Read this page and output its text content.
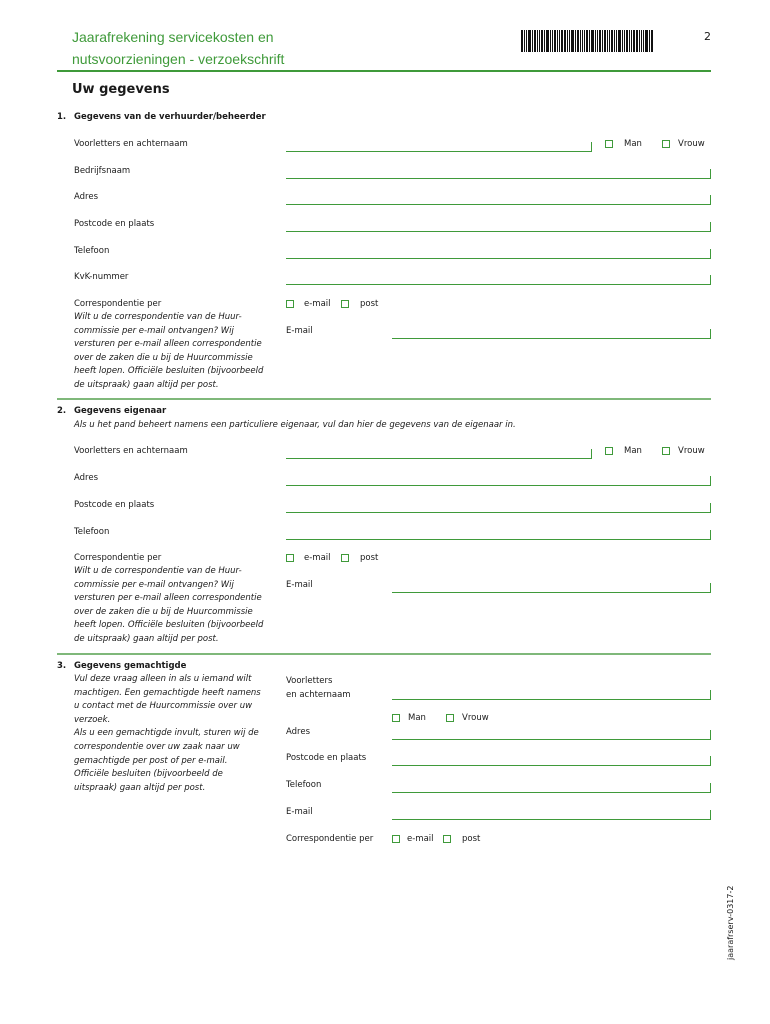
Jaarafrekening servicekosten en
nutsvoorzieningen - verzoekschrift
2
Uw gegevens
1. Gegevens van de verhuurder/beheerder
Voorletters en achternaam	Man	Vrouw
Bedrijfsnaam
Adres
Postcode en plaats
Telefoon
KvK-nummer
Correspondentie per
Wilt u de correspondentie van de Huur-
commissie per e-mail ontvangen? Wij
versturen per e-mail alleen correspondentie
over de zaken die u bij de Huurcommissie
heeft lopen. Officiële besluiten (bijvoorbeeld
de uitspraak) gaan altijd per post.
e-mail	post
E-mail
2. Gegevens eigenaar
Als u het pand beheert namens een particuliere eigenaar, vul dan hier de gegevens van de eigenaar in.
Voorletters en achternaam	Man	Vrouw
Adres
Postcode en plaats
Telefoon
Correspondentie per
Wilt u de correspondentie van de Huur-
commissie per e-mail ontvangen? Wij
versturen per e-mail alleen correspondentie
over de zaken die u bij de Huurcommissie
heeft lopen. Officiële besluiten (bijvoorbeeld
de uitspraak) gaan altijd per post.
e-mail	post
E-mail
3. Gegevens gemachtigde
Vul deze vraag alleen in als u iemand wilt
machtigen. Een gemachtigde heeft namens
u contact met de Huurcommissie over uw
verzoek.
Als u een gemachtigde invult, sturen wij de
correspondentie over uw zaak naar uw
gemachtigde per post of per e-mail.
Officiële besluiten (bijvoorbeeld de
uitspraak) gaan altijd per post.
Voorletters
en achternaam
Man	Vrouw
Adres
Postcode en plaats
Telefoon
E-mail
Correspondentie per	e-mail	post
jaarafrserv-0317-2
